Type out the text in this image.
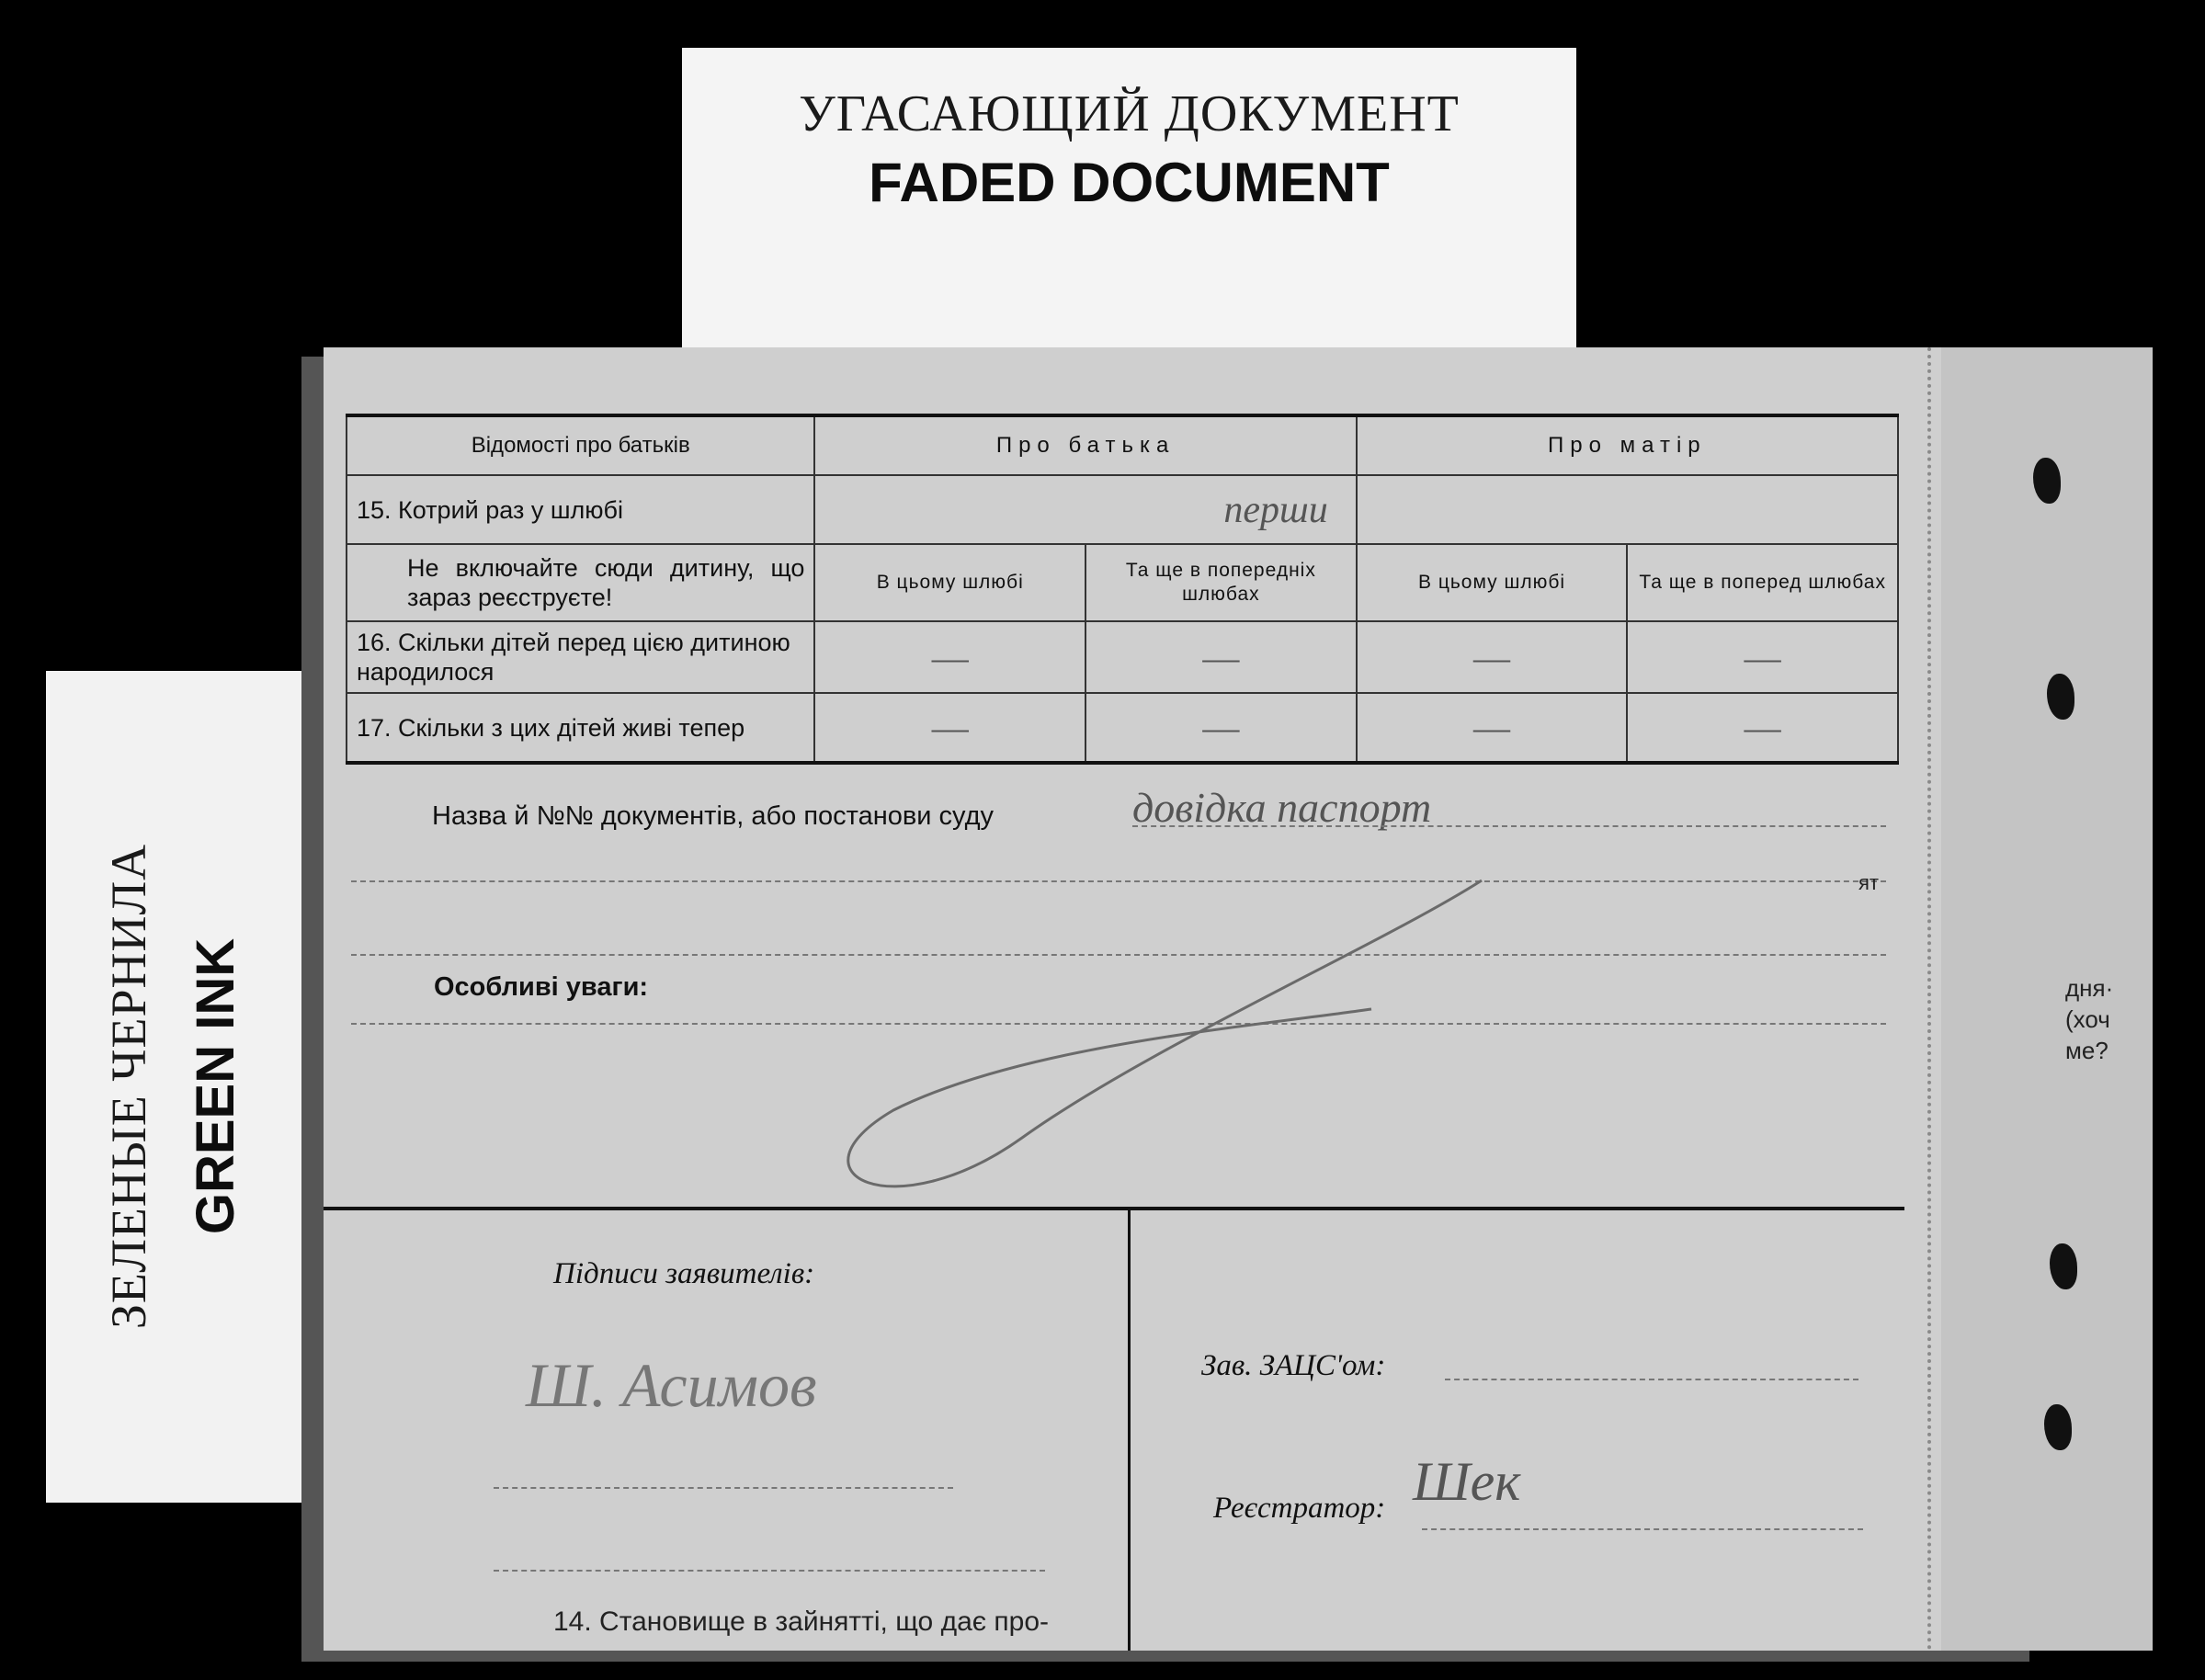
УГАСАЮЩИЙ ДОКУМЕНТ
FADED DOCUMENT
ЗЕЛЕНЫЕ ЧЕРНИЛА GREEN INK
Відомості про батьків	Про батька		Про матір	
15. Котрий раз у шлюбі	перши			
Не включайте сюди дитину, що зараз реєструєте!	В цьому шлюбі	Та ще в попередніх шлюбах	В цьому шлюбі	Та ще в поперед шлюбах
16. Скільки дітей перед цією дитиною народилося	—	—	—	—
17. Скільки з цих дітей живі тепер	—	—	—	—
Назва й №№ документів, або постанови суду	довідка паспорт
ят
Особливі уваги:	дня·
(хоч
ме?
Підписи заявителів:
Ш. Асимов	Зав. ЗАЦС'ом:
Реєстратор: Шек
14. Становище в зайнятті, що дає про-
